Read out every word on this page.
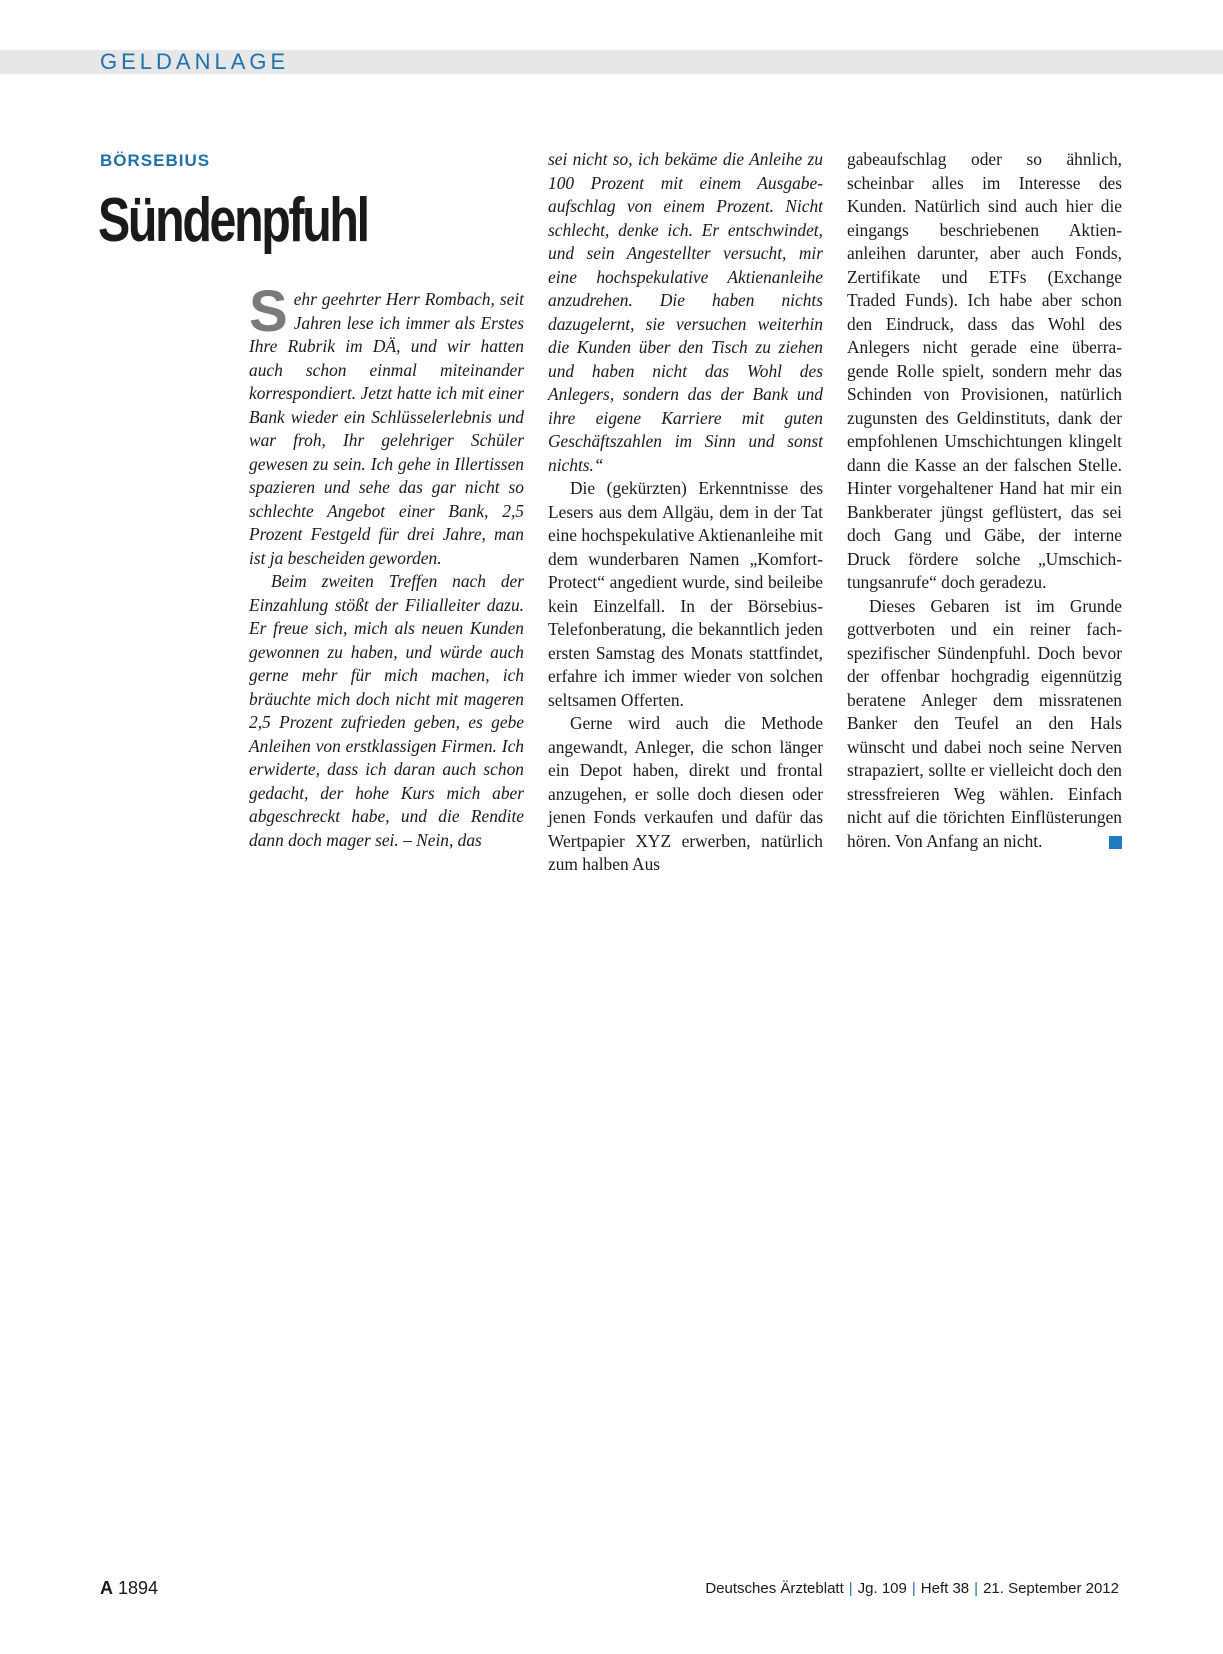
GELDANLAGE
BÖRSEBIUS
Sündenpfuhl

Sehr geehrter Herr Rombach, seit Jahren lese ich immer als Erstes Ihre Rubrik im DÄ, und wir hatten auch schon einmal miteinander korrespondiert. Jetzt hatte ich mit einer Bank wieder ein Schlüsselerlebnis und war froh, Ihr gelehriger Schüler gewesen zu sein. Ich gehe in Illertissen spazieren und sehe das gar nicht so schlechte Angebot einer Bank, 2,5 Prozent Festgeld für drei Jahre, man ist ja bescheiden geworden.

Beim zweiten Treffen nach der Einzahlung stößt der Filialleiter dazu. Er freue sich, mich als neuen Kunden gewonnen zu haben, und würde auch gerne mehr für mich machen, ich bräuchte mich doch nicht mit mageren 2,5 Prozent zufrieden geben, es gebe Anleihen von erstklassigen Firmen. Ich erwiderte, dass ich daran auch schon gedacht, der hohe Kurs mich aber abgeschreckt habe, und die Rendite dann doch mager sei. – Nein, das

sei nicht so, ich bekäme die Anleihe zu 100 Prozent mit einem Ausgabeaufschlag von einem Prozent. Nicht schlecht, denke ich. Er entschwindet, und sein Angestellter versucht, mir eine hochspekulative Aktienanleihe anzudrehen. Die haben nichts dazugelernt, sie versuchen weiterhin die Kunden über den Tisch zu ziehen und haben nicht das Wohl des Anlegers, sondern das der Bank und ihre eigene Karriere mit guten Geschäftszahlen im Sinn und sonst nichts.“

Die (gekürzten) Erkenntnisse des Lesers aus dem Allgäu, dem in der Tat eine hochspekulative Aktienanleihe mit dem wunderbaren Namen „Komfort-Protect“ angedient wurde, sind beileibe kein Einzelfall. In der Börsebius-Telefonberatung, die bekanntlich jeden ersten Samstag des Monats stattfindet, erfahre ich immer wieder von solchen seltsamen Offerten.

Gerne wird auch die Methode angewandt, Anleger, die schon länger ein Depot haben, direkt und frontal anzugehen, er solle doch diesen oder jenen Fonds verkaufen und dafür das Wertpapier XYZ erwerben, natürlich zum halben Aus

gabeaufschlag oder so ähnlich, scheinbar alles im Interesse des Kunden. Natürlich sind auch hier die eingangs beschriebenen Aktienanleihen darunter, aber auch Fonds, Zertifikate und ETFs (Exchange Traded Funds). Ich habe aber schon den Eindruck, dass das Wohl des Anlegers nicht gerade eine überragende Rolle spielt, sondern mehr das Schinden von Provisionen, natürlich zugunsten des Geldinstituts, dank der empfohlenen Umschichtungen klingelt dann die Kasse an der falschen Stelle. Hinter vorgehaltener Hand hat mir ein Bankberater jüngst geflüstert, das sei doch Gang und Gäbe, der interne Druck fördere solche „Umschichtungsanrufe“ doch geradezu.

Dieses Gebaren ist im Grunde gottverboten und ein reiner fachspezifischer Sündenpfuhl. Doch bevor der offenbar hochgradig eigennützig beratene Anleger dem missratenen Banker den Teufel an den Hals wünscht und dabei noch seine Nerven strapaziert, sollte er vielleicht doch den stressfreieren Weg wählen. Einfach nicht auf die törichten Einflüsterungen hören. Von Anfang an nicht.

A 1894	Deutsches Ärzteblatt | Jg. 109 | Heft 38 | 21. September 2012
